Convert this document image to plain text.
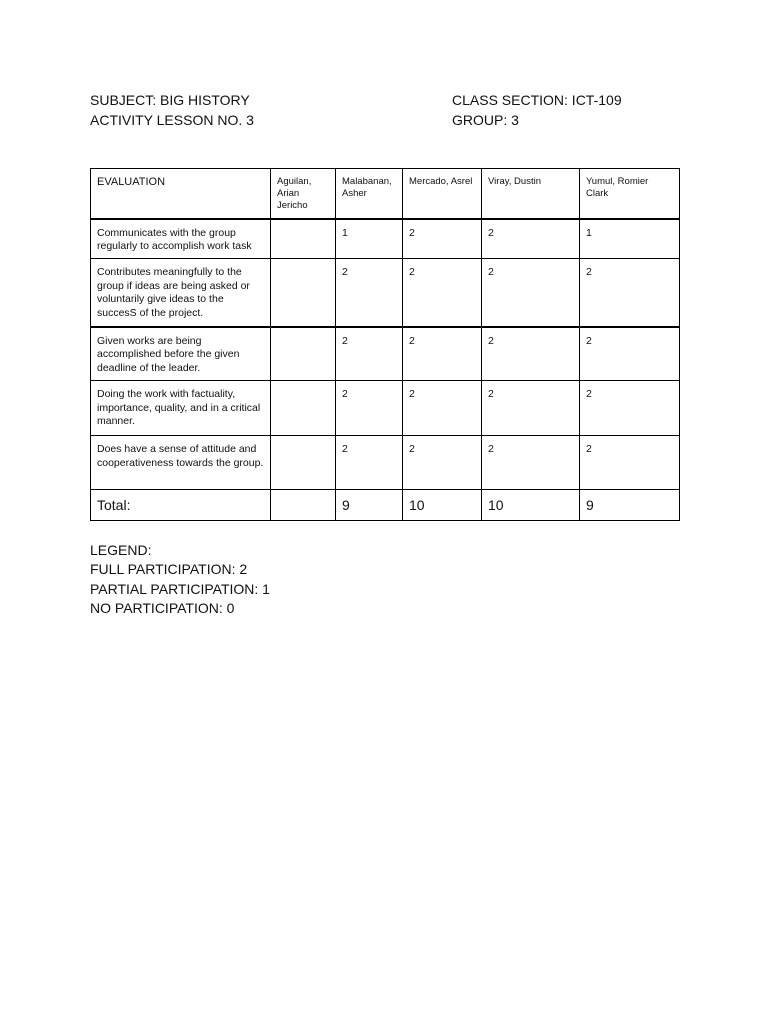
SUBJECT: BIG HISTORY
ACTIVITY LESSON NO. 3
CLASS SECTION: ICT-109
GROUP: 3
EVALUATION	Aguilan, Arian Jericho	Malabanan, Asher	Mercado, Asrel	Viray, Dustin	Yumul, Romier Clark
Communicates with the group regularly to accomplish work task		1	2	2	1
Contributes meaningfully to the group if ideas are being asked or voluntarily give ideas to the succesS of the project.		2	2	2	2
Given works are being accomplished before the given deadline of the leader.		2	2	2	2
Doing the work with factuality, importance, quality, and in a critical manner.		2	2	2	2
Does have a sense of attitude and cooperativeness towards the group.		2	2	2	2
Total:		9	10	10	9
LEGEND:
FULL PARTICIPATION: 2
PARTIAL PARTICIPATION: 1
NO PARTICIPATION: 0
